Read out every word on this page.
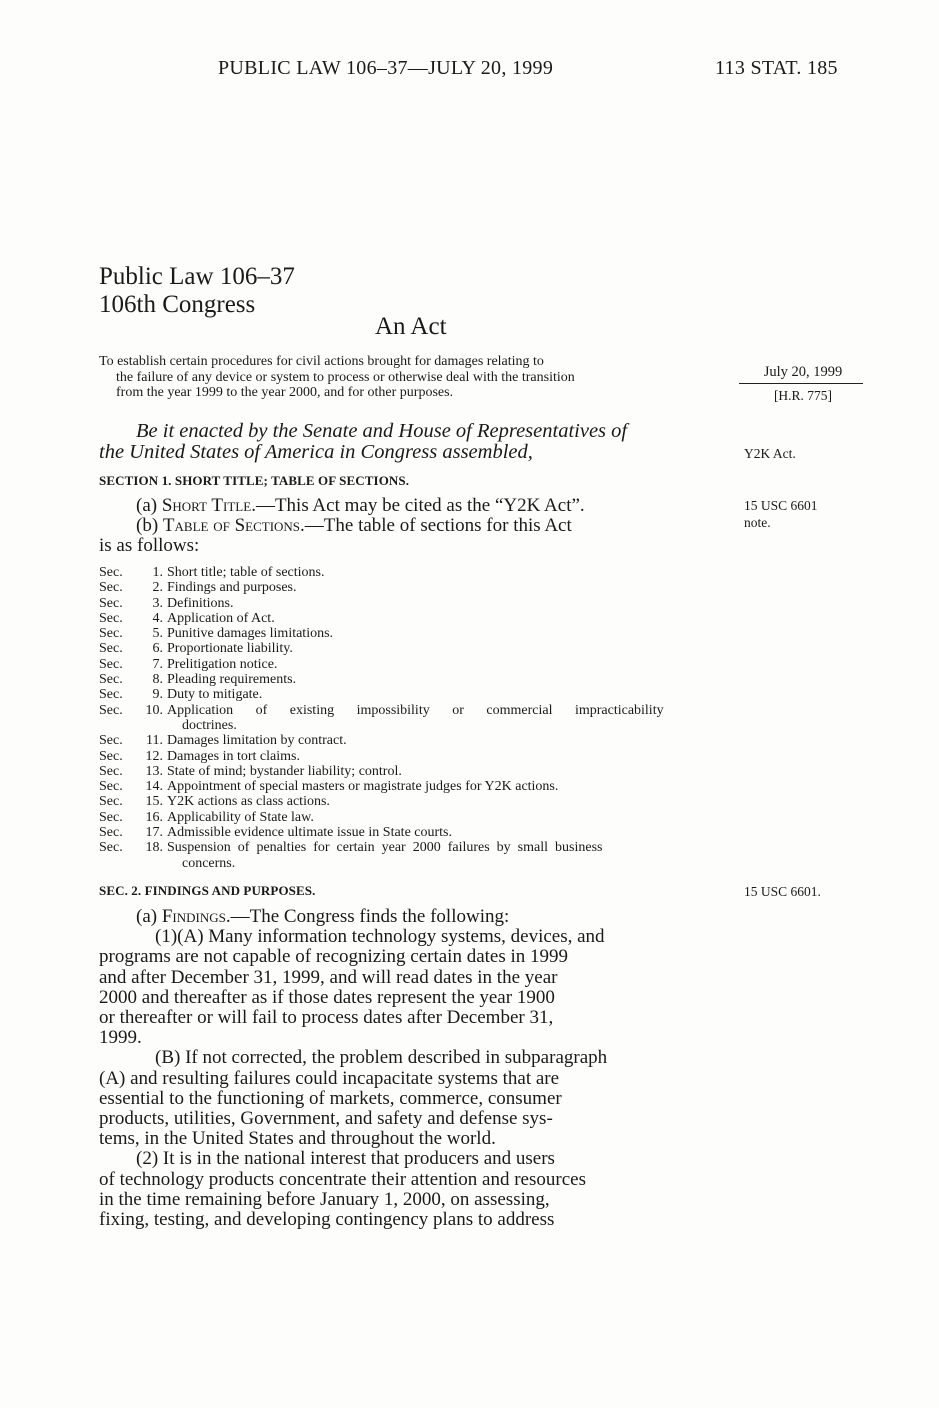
PUBLIC LAW 106–37—JULY 20, 1999	113 STAT. 185
Public Law 106–37
106th Congress
An Act
To establish certain procedures for civil actions brought for damages relating to
the failure of any device or system to process or otherwise deal with the transition
from the year 1999 to the year 2000, and for other purposes.
July 20, 1999
[H.R. 775]
Be it enacted by the Senate and House of Representatives of
the United States of America in Congress assembled,	Y2K Act.
SECTION 1. SHORT TITLE; TABLE OF SECTIONS.
(a) Short Title.—This Act may be cited as the “Y2K Act”.
(b) Table of Sections.—The table of sections for this Act
is as follows:
15 USC 6601
note.
Sec.	1. Short title; table of sections.
Sec.	2. Findings and purposes.
Sec.	3. Definitions.
Sec.	4. Application of Act.
Sec.	5. Punitive damages limitations.
Sec.	6. Proportionate liability.
Sec.	7. Prelitigation notice.
Sec.	8. Pleading requirements.
Sec.	9. Duty to mitigate.
Sec.	10. Application of existing impossibility or commercial impracticability
doctrines.
Sec.	11. Damages limitation by contract.
Sec.	12. Damages in tort claims.
Sec.	13. State of mind; bystander liability; control.
Sec.	14. Appointment of special masters or magistrate judges for Y2K actions.
Sec.	15. Y2K actions as class actions.
Sec.	16. Applicability of State law.
Sec.	17. Admissible evidence ultimate issue in State courts.
Sec.	18. Suspension of penalties for certain year 2000 failures by small business
concerns.
SEC. 2. FINDINGS AND PURPOSES.	15 USC 6601.
(a) Findings.—The Congress finds the following:
(1)(A) Many information technology systems, devices, and
programs are not capable of recognizing certain dates in 1999
and after December 31, 1999, and will read dates in the year
2000 and thereafter as if those dates represent the year 1900
or thereafter or will fail to process dates after December 31,
1999.
(B) If not corrected, the problem described in subparagraph
(A) and resulting failures could incapacitate systems that are
essential to the functioning of markets, commerce, consumer
products, utilities, Government, and safety and defense sys-
tems, in the United States and throughout the world.
(2) It is in the national interest that producers and users
of technology products concentrate their attention and resources
in the time remaining before January 1, 2000, on assessing,
fixing, testing, and developing contingency plans to address
